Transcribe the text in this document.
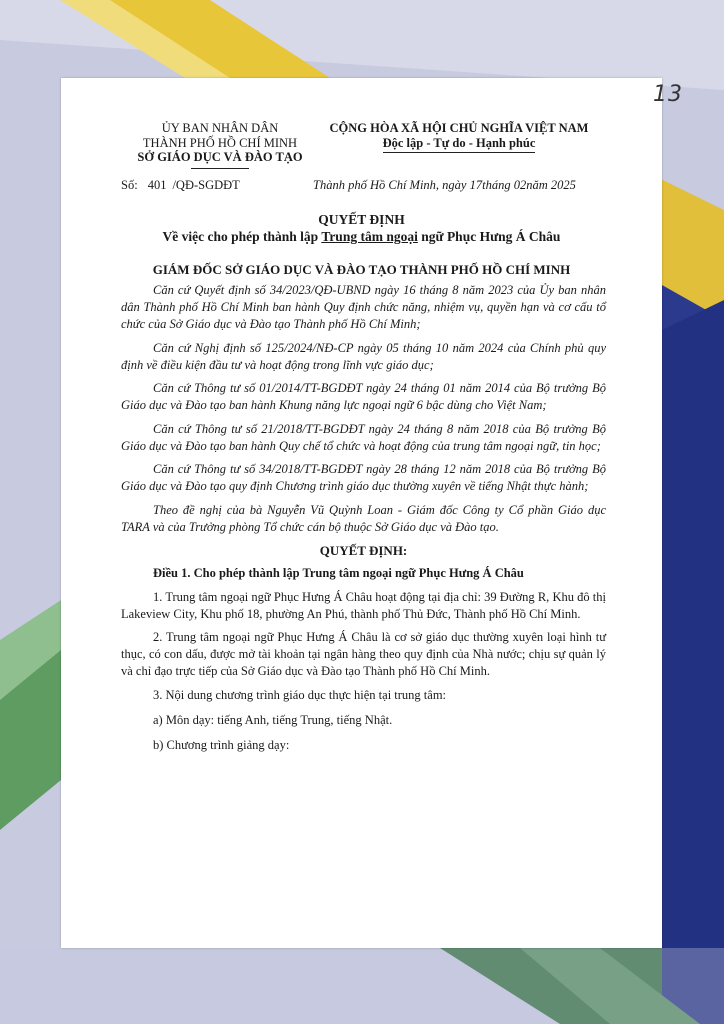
13
ỦY BAN NHÂN DÂN
THÀNH PHỐ HỒ CHÍ MINH
SỞ GIÁO DỤC VÀ ĐÀO TẠO
CỘNG HÒA XÃ HỘI CHỦ NGHĨA VIỆT NAM
Độc lập - Tự do - Hạnh phúc
Số: 401 /QĐ-SGDĐT	Thành phố Hồ Chí Minh, ngày 17tháng 02năm 2025
QUYẾT ĐỊNH
Về việc cho phép thành lập Trung tâm ngoại ngữ Phục Hưng Á Châu
GIÁM ĐỐC SỞ GIÁO DỤC VÀ ĐÀO TẠO THÀNH PHỐ HỒ CHÍ MINH

Căn cứ Quyết định số 34/2023/QĐ-UBND ngày 16 tháng 8 năm 2023 của Ủy ban nhân dân Thành phố Hồ Chí Minh ban hành Quy định chức năng, nhiệm vụ, quyền hạn và cơ cấu tổ chức của Sở Giáo dục và Đào tạo Thành phố Hồ Chí Minh;

Căn cứ Nghị định số 125/2024/NĐ-CP ngày 05 tháng 10 năm 2024 của Chính phủ quy định về điều kiện đầu tư và hoạt động trong lĩnh vực giáo dục;

Căn cứ Thông tư số 01/2014/TT-BGDĐT ngày 24 tháng 01 năm 2014 của Bộ trưởng Bộ Giáo dục và Đào tạo ban hành Khung năng lực ngoại ngữ 6 bậc dùng cho Việt Nam;

Căn cứ Thông tư số 21/2018/TT-BGDĐT ngày 24 tháng 8 năm 2018 của Bộ trưởng Bộ Giáo dục và Đào tạo ban hành Quy chế tổ chức và hoạt động của trung tâm ngoại ngữ, tin học;

Căn cứ Thông tư số 34/2018/TT-BGDĐT ngày 28 tháng 12 năm 2018 của Bộ trưởng Bộ Giáo dục và Đào tạo quy định Chương trình giáo dục thường xuyên về tiếng Nhật thực hành;

Theo đề nghị của bà Nguyễn Vũ Quỳnh Loan - Giám đốc Công ty Cổ phần Giáo dục TARA và của Trưởng phòng Tổ chức cán bộ thuộc Sở Giáo dục và Đào tạo.

QUYẾT ĐỊNH:

Điều 1. Cho phép thành lập Trung tâm ngoại ngữ Phục Hưng Á Châu

1. Trung tâm ngoại ngữ Phục Hưng Á Châu hoạt động tại địa chỉ: 39 Đường R, Khu đô thị Lakeview City, Khu phố 18, phường An Phú, thành phố Thủ Đức, Thành phố Hồ Chí Minh.

2. Trung tâm ngoại ngữ Phục Hưng Á Châu là cơ sở giáo dục thường xuyên loại hình tư thục, có con dấu, được mở tài khoản tại ngân hàng theo quy định của Nhà nước; chịu sự quản lý và chỉ đạo trực tiếp của Sở Giáo dục và Đào tạo Thành phố Hồ Chí Minh.

3. Nội dung chương trình giáo dục thực hiện tại trung tâm:

a) Môn dạy: tiếng Anh, tiếng Trung, tiếng Nhật.

b) Chương trình giảng dạy:
